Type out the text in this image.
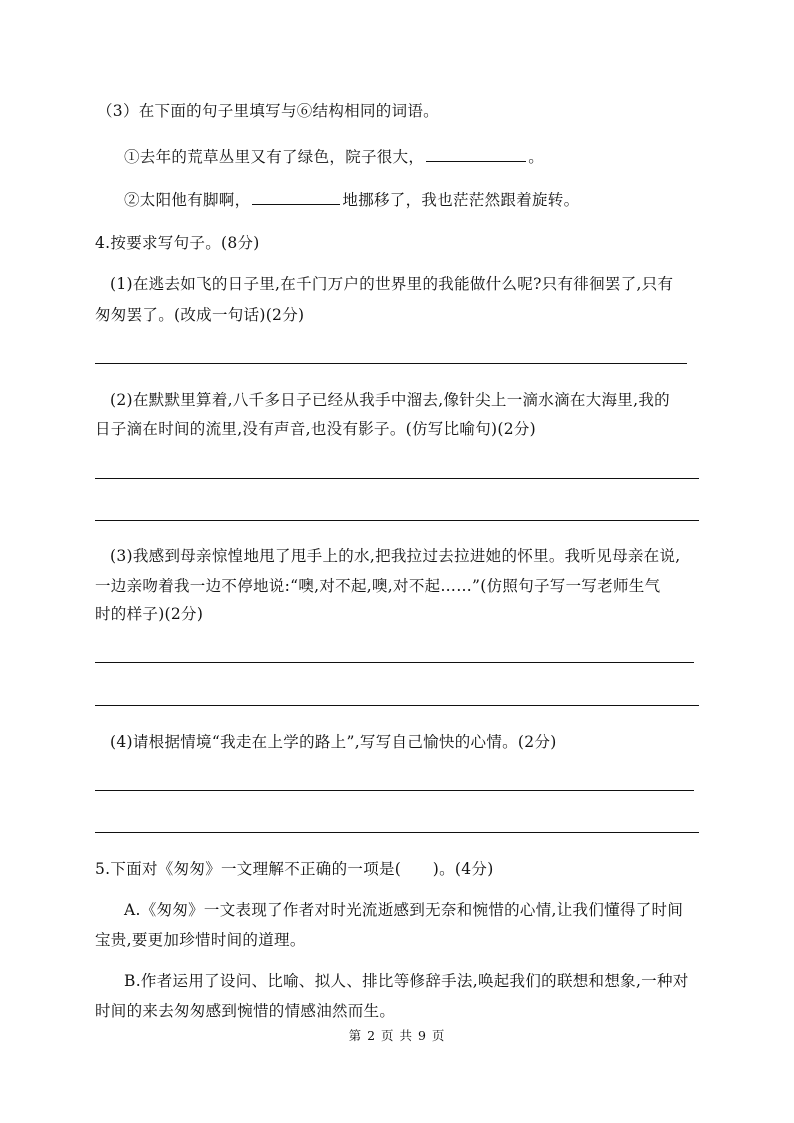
（3）在下面的句子里填写与⑥结构相同的词语。
①去年的荒草丛里又有了绿色，院子很大，	。
②太阳他有脚啊，	地挪移了，我也茫茫然跟着旋转。
4.按要求写句子。(8分)
(1)在逃去如飞的日子里,在千门万户的世界里的我能做什么呢?只有徘徊罢了,只有
匆匆罢了。(改成一句话)(2分)
(2)在默默里算着,八千多日子已经从我手中溜去,像针尖上一滴水滴在大海里,我的
日子滴在时间的流里,没有声音,也没有影子。(仿写比喻句)(2分)
(3)我感到母亲惊惶地甩了甩手上的水,把我拉过去拉进她的怀里。我听见母亲在说,
一边亲吻着我一边不停地说:“噢,对不起,噢,对不起……”(仿照句子写一写老师生气
时的样子)(2分)
(4)请根据情境“我走在上学的路上”,写写自己愉快的心情。(2分)
5.下面对《匆匆》一文理解不正确的一项是(　　)。(4分)
A.《匆匆》一文表现了作者对时光流逝感到无奈和惋惜的心情,让我们懂得了时间
宝贵,要更加珍惜时间的道理。
B.作者运用了设问、比喻、拟人、排比等修辞手法,唤起我们的联想和想象,一种对
时间的来去匆匆感到惋惜的情感油然而生。
第 2 页 共 9 页
